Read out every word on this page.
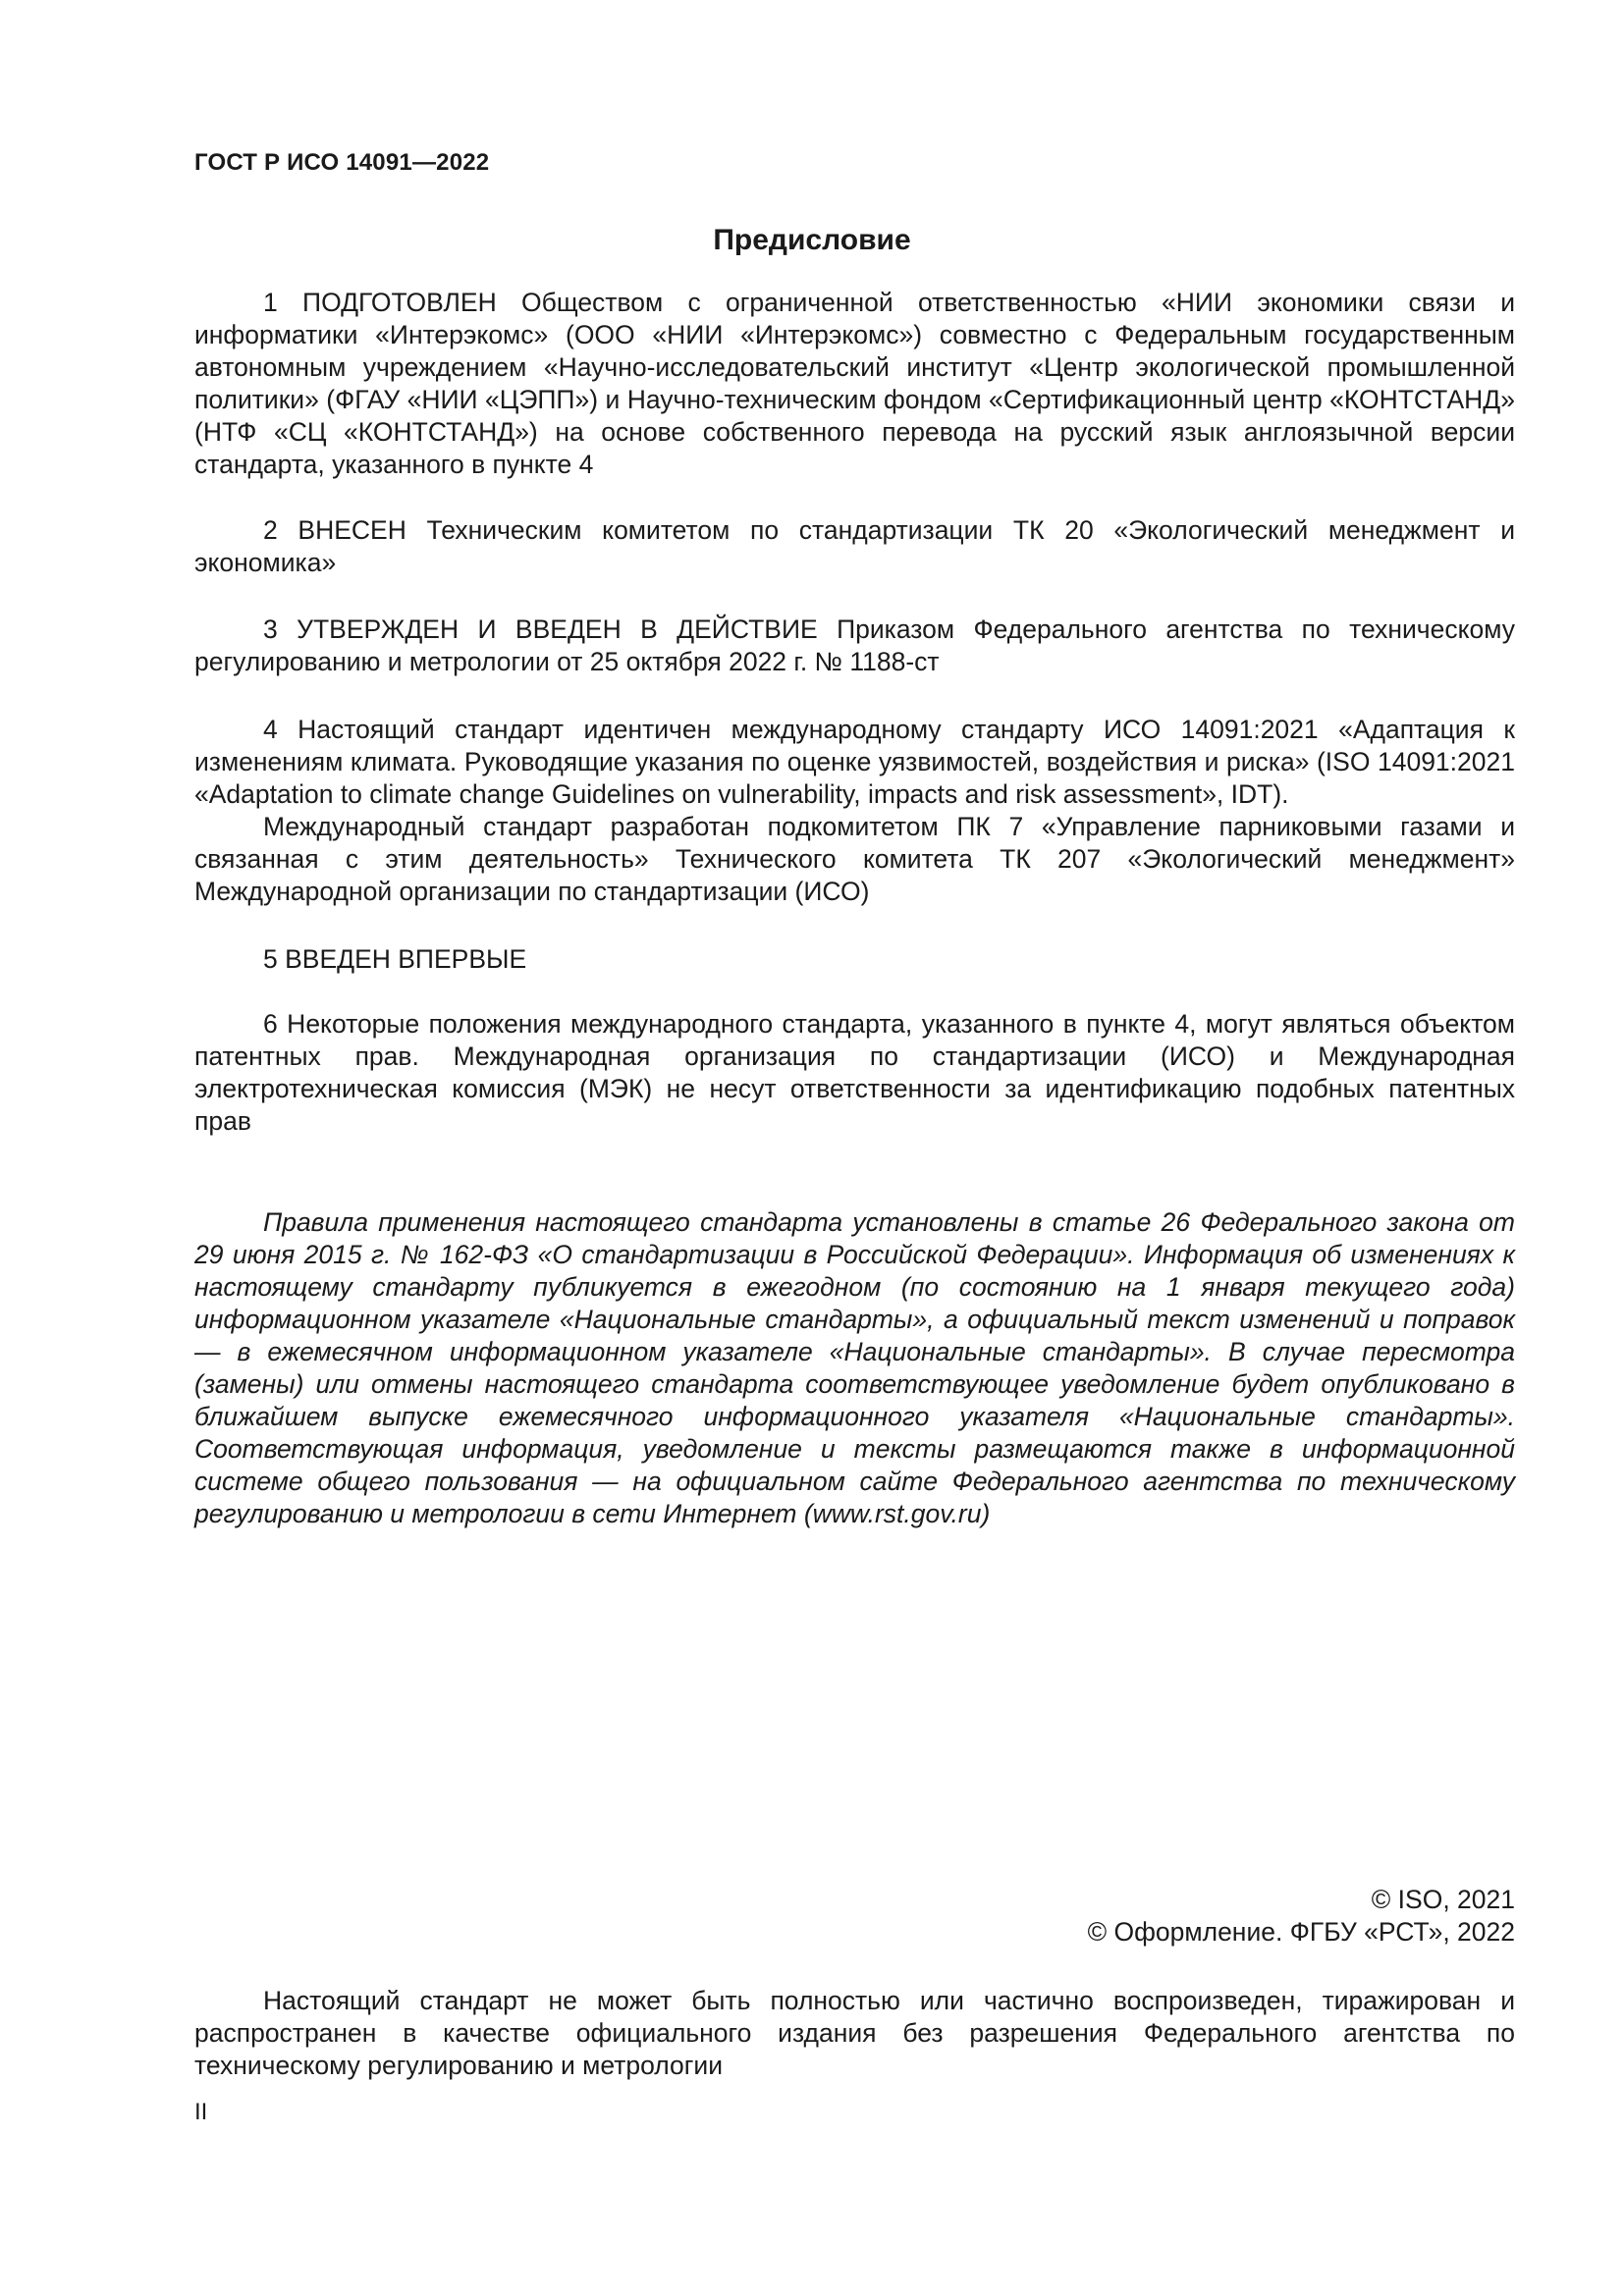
ГОСТ Р ИСО 14091—2022
Предисловие

1 ПОДГОТОВЛЕН Обществом с ограниченной ответственностью «НИИ экономики связи и информатики «Интерэкомс» (ООО «НИИ «Интерэкомс») совместно с Федеральным государственным автономным учреждением «Научно-исследовательский институт «Центр экологической промышленной политики» (ФГАУ «НИИ «ЦЭПП») и Научно-техническим фондом «Сертификационный центр «КОНТСТАНД» (НТФ «СЦ «КОНТСТАНД») на основе собственного перевода на русский язык англоязычной версии стандарта, указанного в пункте 4

2 ВНЕСЕН Техническим комитетом по стандартизации ТК 20 «Экологический менеджмент и экономика»

3 УТВЕРЖДЕН И ВВЕДЕН В ДЕЙСТВИЕ Приказом Федерального агентства по техническому регулированию и метрологии от 25 октября 2022 г. № 1188-ст

4 Настоящий стандарт идентичен международному стандарту ИСО 14091:2021 «Адаптация к изменениям климата. Руководящие указания по оценке уязвимостей, воздействия и риска» (ISO 14091:2021 «Adaptation to climate change Guidelines on vulnerability, impacts and risk assessment», IDT).

Международный стандарт разработан подкомитетом ПК 7 «Управление парниковыми газами и связанная с этим деятельность» Технического комитета ТК 207 «Экологический менеджмент» Международной организации по стандартизации (ИСО)

5 ВВЕДЕН ВПЕРВЫЕ

6 Некоторые положения международного стандарта, указанного в пункте 4, могут являться объектом патентных прав. Международная организация по стандартизации (ИСО) и Международная электротехническая комиссия (МЭК) не несут ответственности за идентификацию подобных патентных прав

Правила применения настоящего стандарта установлены в статье 26 Федерального закона от 29 июня 2015 г. № 162-ФЗ «О стандартизации в Российской Федерации». Информация об изменениях к настоящему стандарту публикуется в ежегодном (по состоянию на 1 января текущего года) информационном указателе «Национальные стандарты», а официальный текст изменений и поправок — в ежемесячном информационном указателе «Национальные стандарты». В случае пересмотра (замены) или отмены настоящего стандарта соответствующее уведомление будет опубликовано в ближайшем выпуске ежемесячного информационного указателя «Национальные стандарты». Соответствующая информация, уведомление и тексты размещаются также в информационной системе общего пользования — на официальном сайте Федерального агентства по техническому регулированию и метрологии в сети Интернет (www.rst.gov.ru)

© ISO, 2021
© Оформление. ФГБУ «РСТ», 2022

Настоящий стандарт не может быть полностью или частично воспроизведен, тиражирован и распространен в качестве официального издания без разрешения Федерального агентства по техническому регулированию и метрологии

II
